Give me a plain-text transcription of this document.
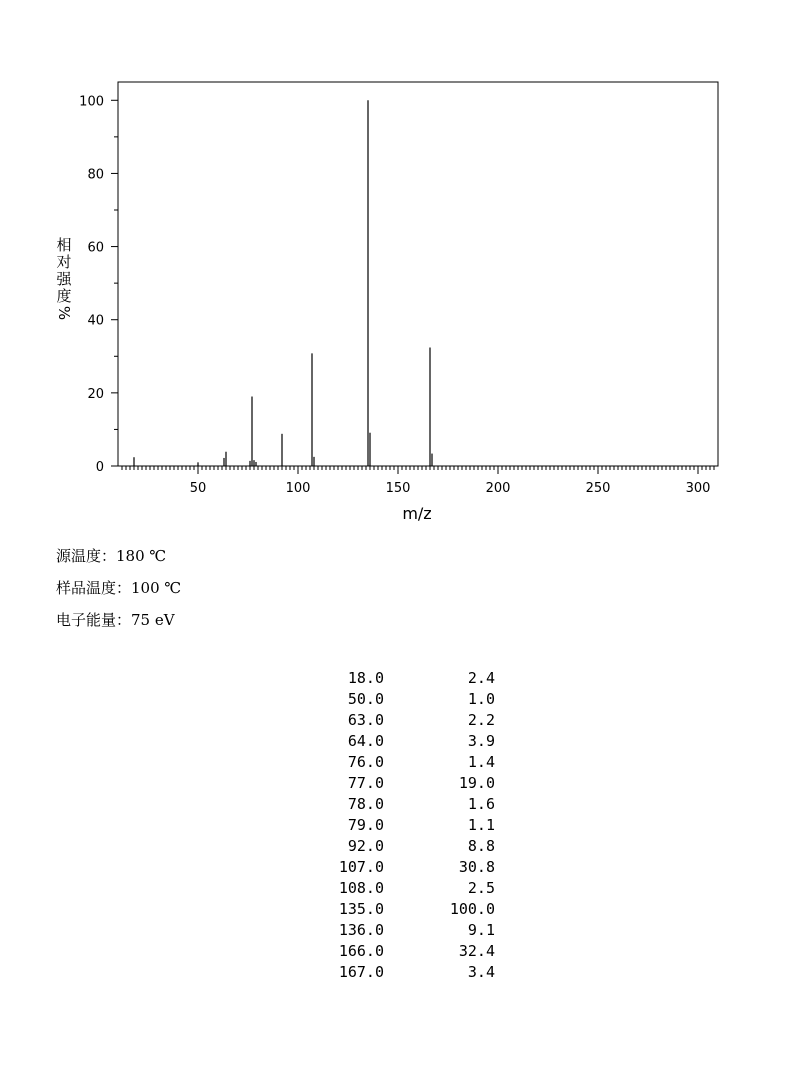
0
20
40
60
80
100
50	100	150	200	250	300
m/z
相
对
强
度
%
源温度：180 ℃
样品温度：100 ℃
电子能量：75 eV
18.0	2.4
50.0	1.0
63.0	2.2
64.0	3.9
76.0	1.4
77.0	19.0
78.0	1.6
79.0	1.1
92.0	8.8
107.0	30.8
108.0	2.5
135.0	100.0
136.0	9.1
166.0	32.4
167.0	3.4
